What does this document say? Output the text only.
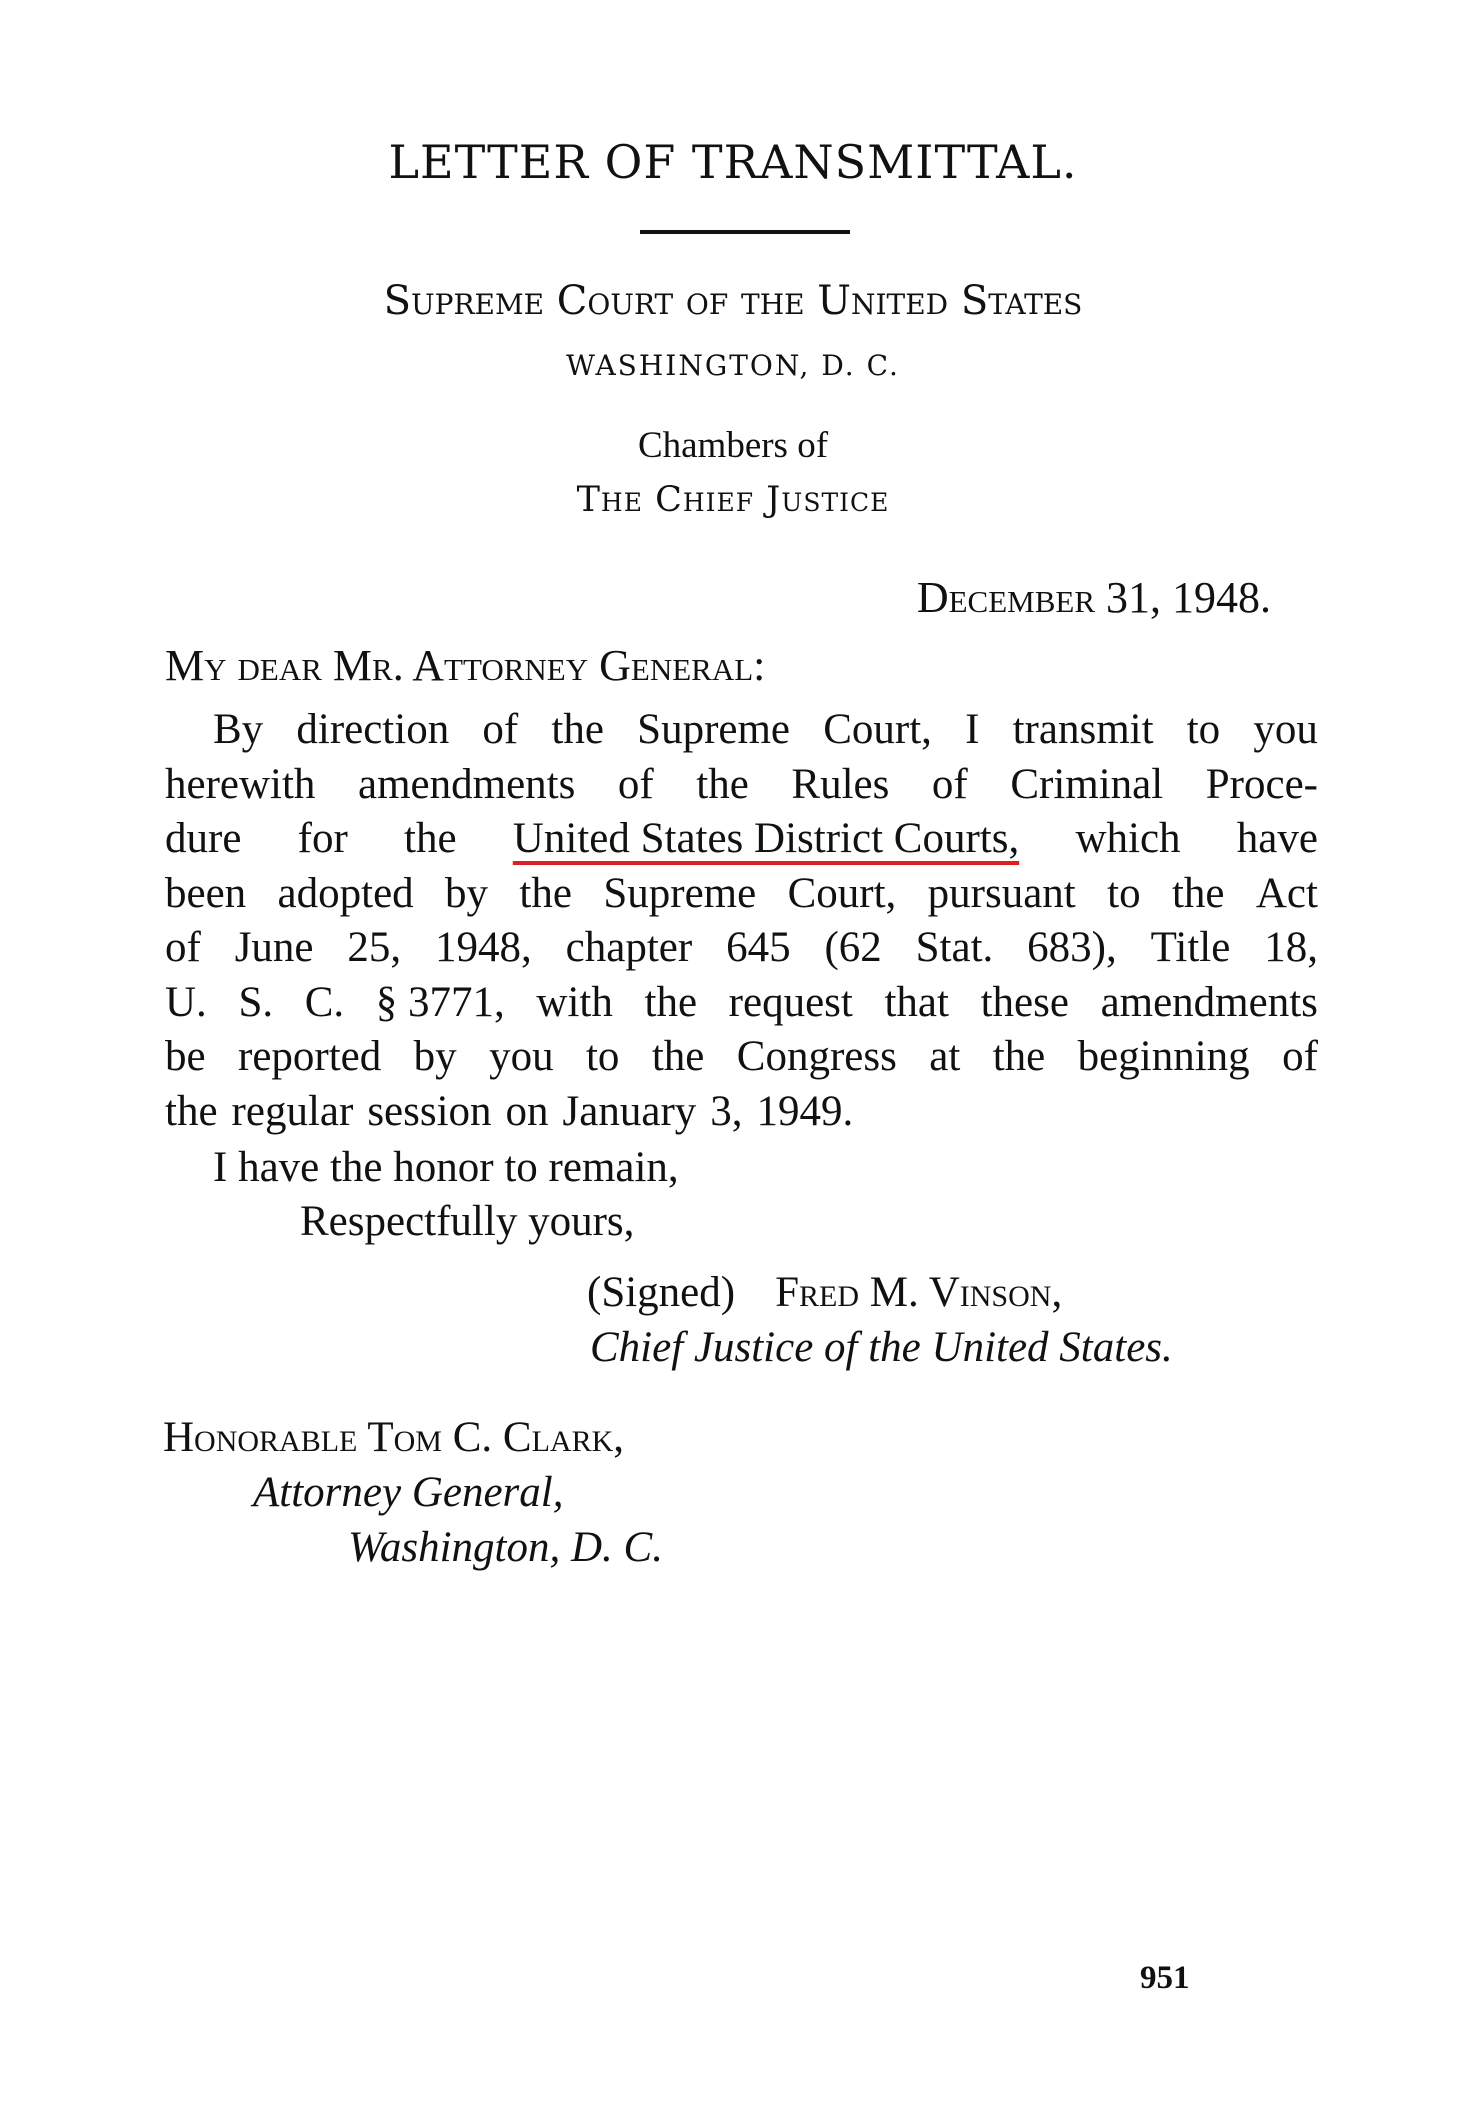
LETTER OF TRANSMITTAL.
Supreme Court of the United States
WASHINGTON, D. C.
Chambers of
The Chief Justice
December 31, 1948.
My dear Mr. Attorney General:
By direction of the Supreme Court, I transmit to you
herewith amendments of the Rules of Criminal Proce-
dure for the United States District Courts, which have
been adopted by the Supreme Court, pursuant to the Act
of June 25, 1948, chapter 645 (62 Stat. 683), Title 18,
U. S. C. § 3771, with the request that these amendments
be reported by you to the Congress at the beginning of
the regular session on January 3, 1949.
I have the honor to remain,
Respectfully yours,
(Signed) Fred M. Vinson,
Chief Justice of the United States.
Honorable Tom C. Clark,
Attorney General,
Washington, D. C.
951
